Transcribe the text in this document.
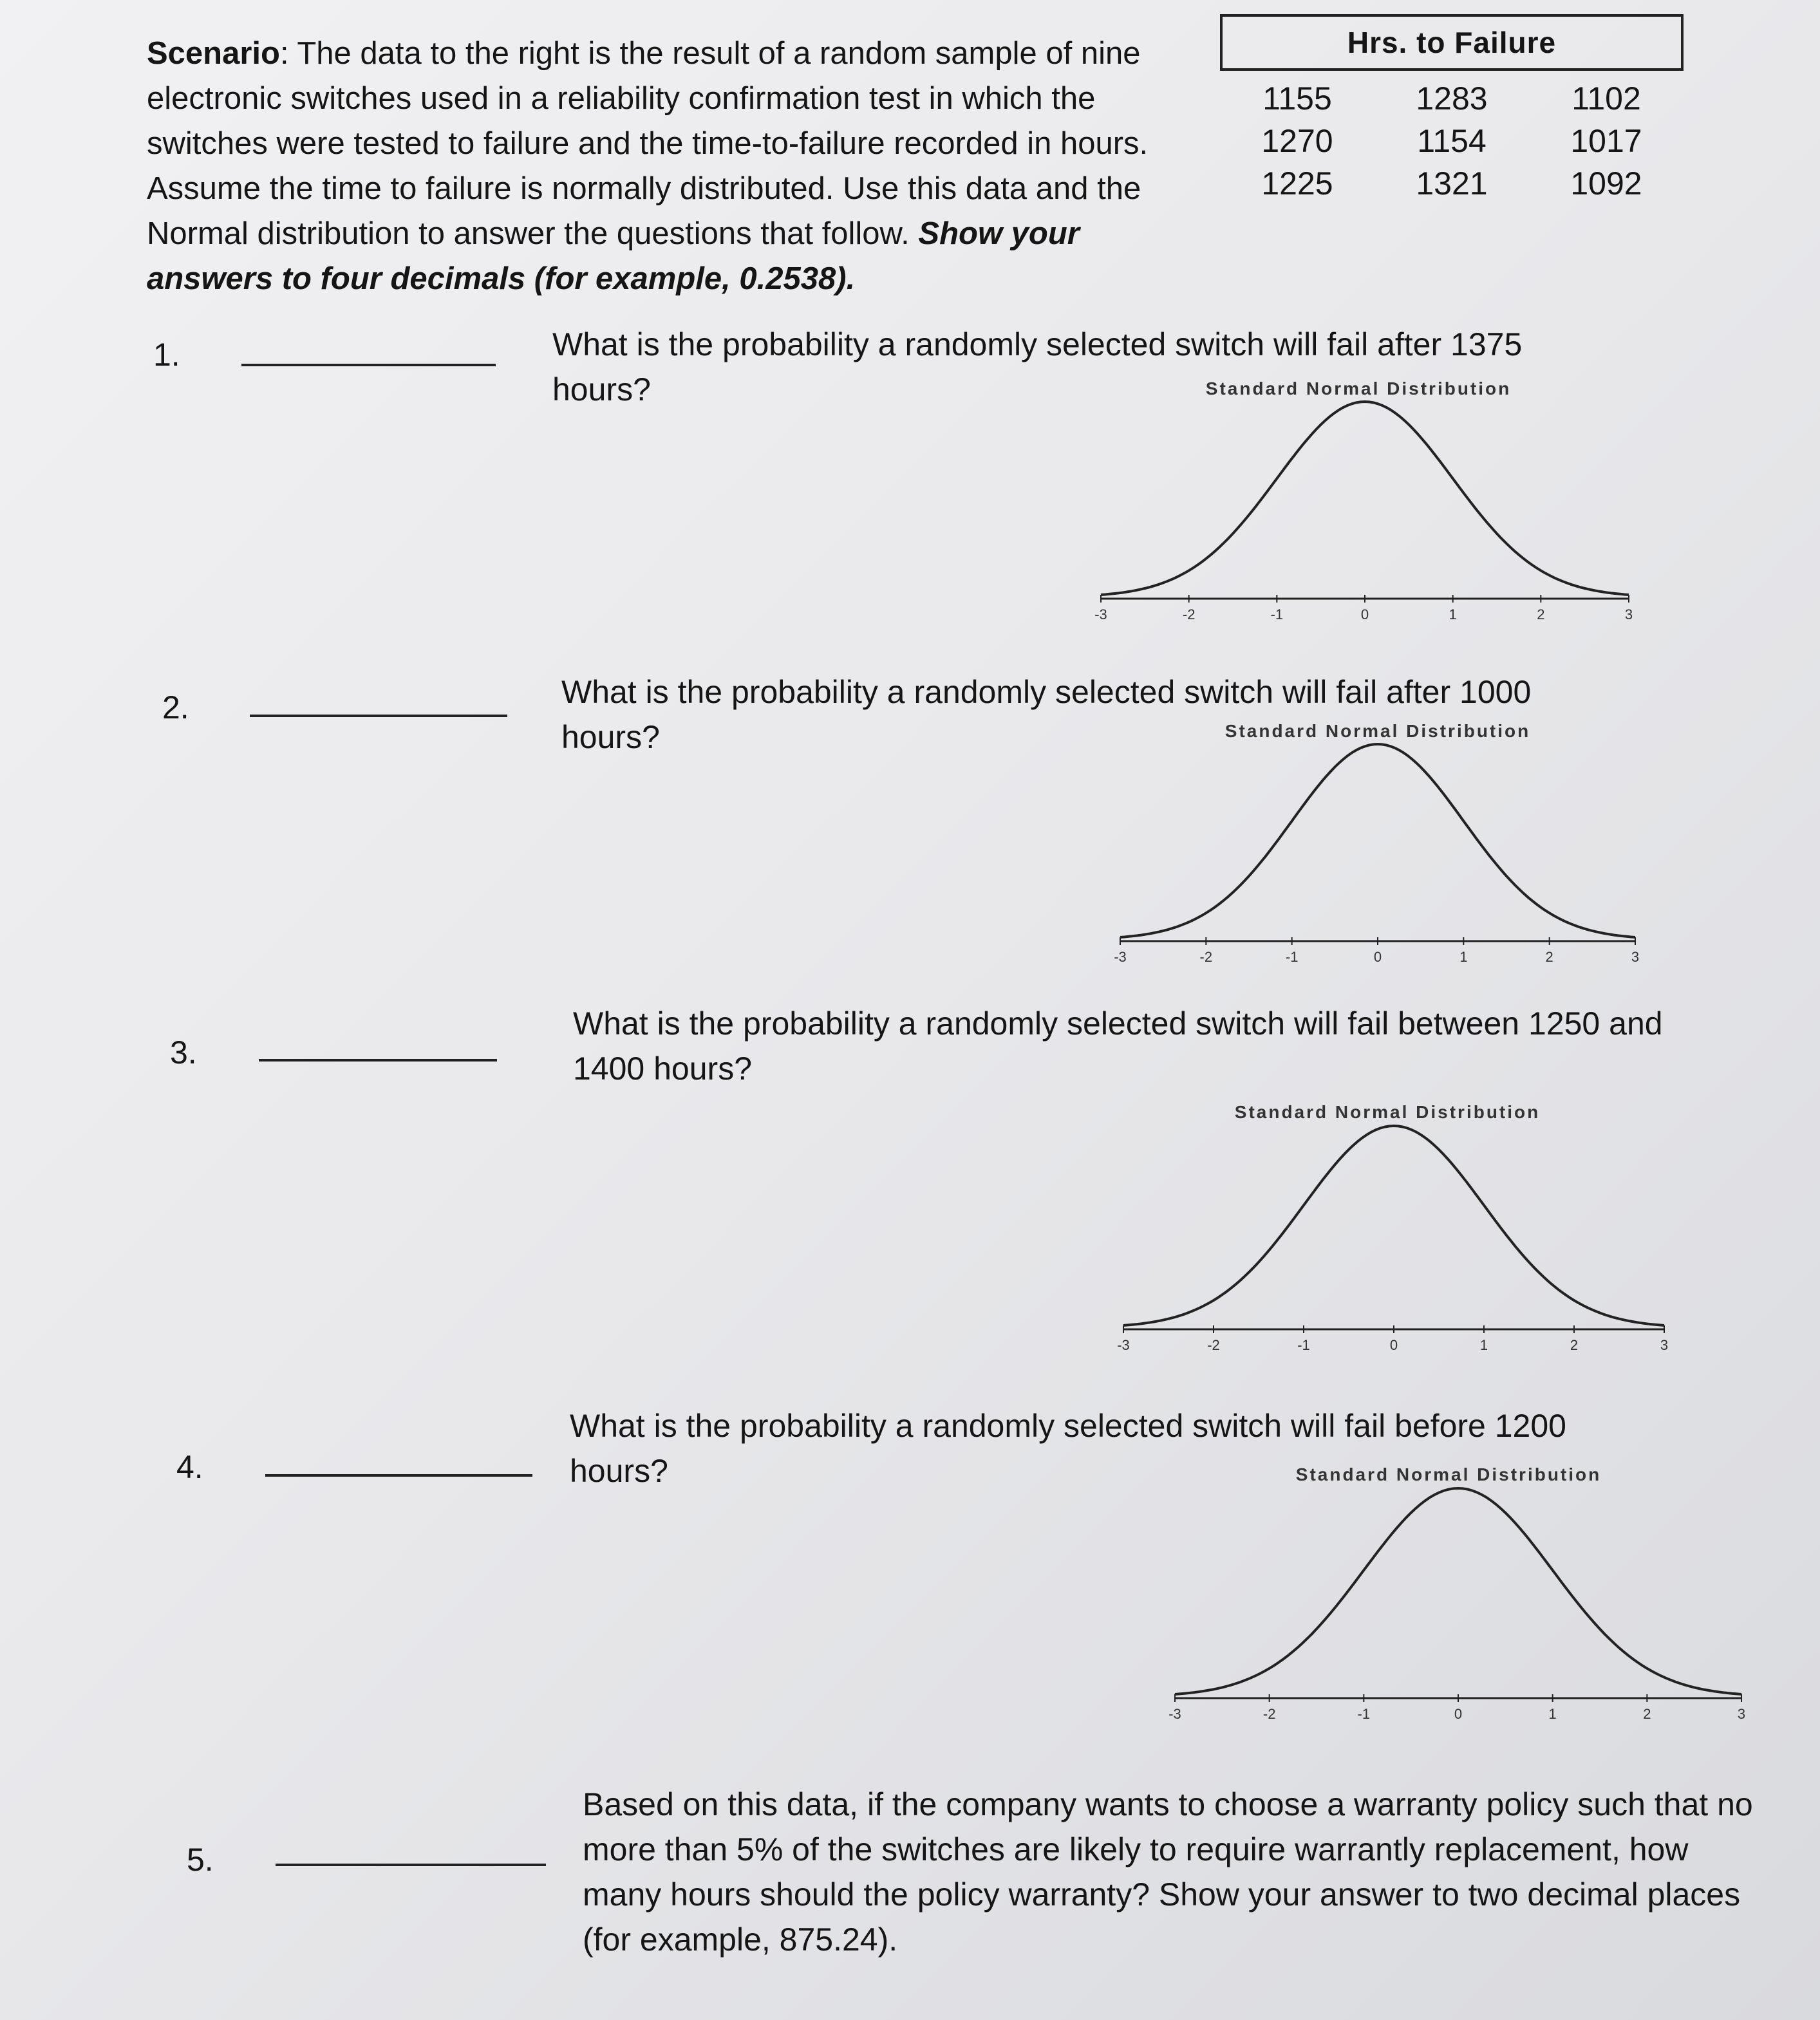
Scenario: The data to the right is the result of a random sample of nine electronic switches used in a reliability confirmation test in which the switches were tested to failure and the time-to-failure recorded in hours. Assume the time to failure is normally distributed. Use this data and the Normal distribution to answer the questions that follow. Show your answers to four decimals (for example, 0.2538).
Hrs. to Failure
1155	1283	1102
1270	1154	1017
1225	1321	1092
1.	What is the probability a randomly selected switch will fail after 1375 hours?	Standard Normal Distribution
-3	-2	-1	0	1	2	3
2.	What is the probability a randomly selected switch will fail after 1000 hours?	Standard Normal Distribution
-3	-2	-1	0	1	2	3
3.
What is the probability a randomly selected switch will fail between 1250 and 1400 hours?
Standard Normal Distribution
-3	-2	-1	0	1	2	3
4.
What is the probability a randomly selected switch will fail before 1200 hours?	Standard Normal Distribution
-3	-2	-1	0	1	2	3
5.
Based on this data, if the company wants to choose a warranty policy such that no more than 5% of the switches are likely to require warrantly replacement, how many hours should the policy warranty? Show your answer to two decimal places (for example, 875.24).
